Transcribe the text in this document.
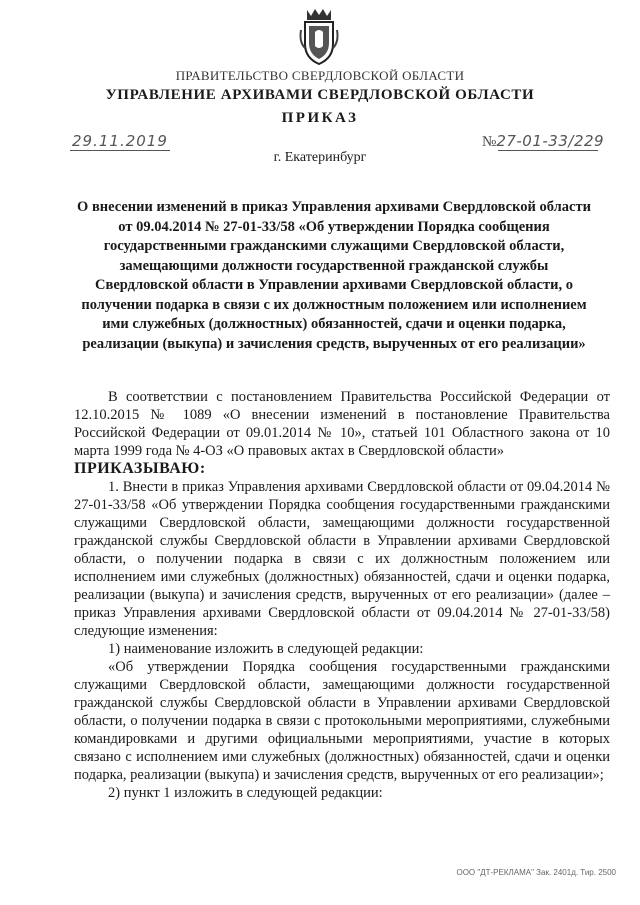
ПРАВИТЕЛЬСТВО СВЕРДЛОВСКОЙ ОБЛАСТИ
УПРАВЛЕНИЕ АРХИВАМИ СВЕРДЛОВСКОЙ ОБЛАСТИ
ПРИКАЗ
29.11.2019	№27-01-33/229
г. Екатеринбург
О внесении изменений в приказ Управления архивами Свердловской области от 09.04.2014 № 27-01-33/58 «Об утверждении Порядка сообщения государственными гражданскими служащими Свердловской области, замещающими должности государственной гражданской службы Свердловской области в Управлении архивами Свердловской области, о получении подарка в связи с их должностным положением или исполнением ими служебных (должностных) обязанностей, сдачи и оценки подарка, реализации (выкупа) и зачисления средств, вырученных от его реализации»

В соответствии с постановлением Правительства Российской Федерации от 12.10.2015 № 1089 «О внесении изменений в постановление Правительства Российской Федерации от 09.01.2014 № 10», статьей 101 Областного закона от 10 марта 1999 года № 4-ОЗ «О правовых актах в Свердловской области»

ПРИКАЗЫВАЮ:

1. Внести в приказ Управления архивами Свердловской области от 09.04.2014 № 27-01-33/58 «Об утверждении Порядка сообщения государственными гражданскими служащими Свердловской области, замещающими должности государственной гражданской службы Свердловской области в Управлении архивами Свердловской области, о получении подарка в связи с их должностным положением или исполнением ими служебных (должностных) обязанностей, сдачи и оценки подарка, реализации (выкупа) и зачисления средств, вырученных от его реализации» (далее – приказ Управления архивами Свердловской области от 09.04.2014 № 27-01-33/58) следующие изменения:

1) наименование изложить в следующей редакции:

«Об утверждении Порядка сообщения государственными гражданскими служащими Свердловской области, замещающими должности государственной гражданской службы Свердловской области в Управлении архивами Свердловской области, о получении подарка в связи с протокольными мероприятиями, служебными командировками и другими официальными мероприятиями, участие в которых связано с исполнением ими служебных (должностных) обязанностей, сдачи и оценки подарка, реализации (выкупа) и зачисления средств, вырученных от его реализации»;

2) пункт 1 изложить в следующей редакции:

ООО "ДТ-РЕКЛАМА" Зак. 2401д. Тир. 2500
